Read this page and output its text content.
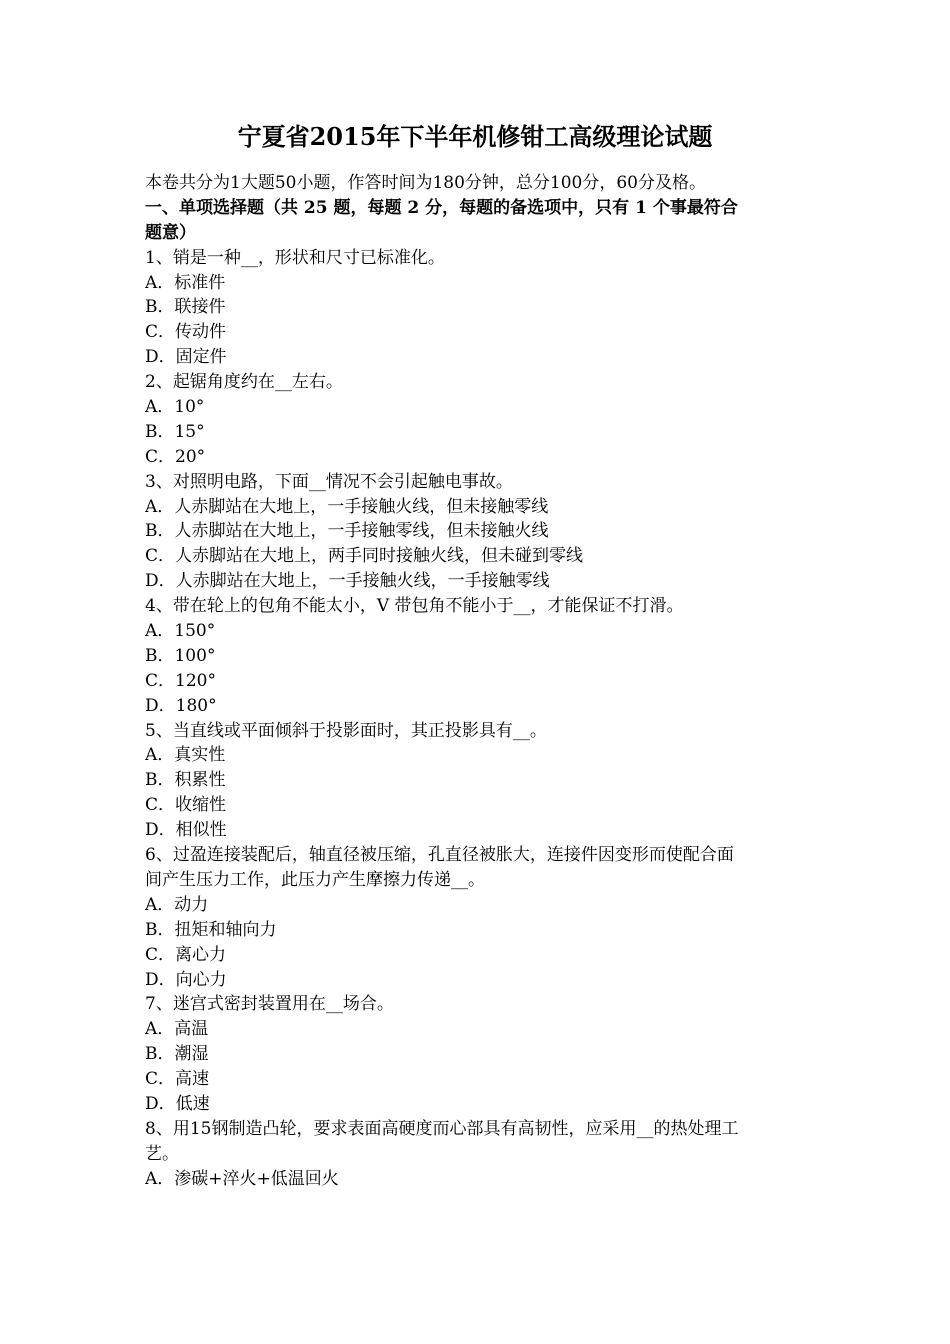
宁夏省2015年下半年机修钳工高级理论试题
本卷共分为1大题50小题，作答时间为180分钟，总分100分，60分及格。
一、单项选择题（共 25 题，每题 2 分，每题的备选项中，只有 1 个事最符合
题意）
1、销是一种__，形状和尺寸已标准化。
A．标准件
B．联接件
C．传动件
D．固定件
2、起锯角度约在__左右。
A．10°
B．15°
C．20°
3、对照明电路，下面__情况不会引起触电事故。
A．人赤脚站在大地上，一手接触火线，但未接触零线
B．人赤脚站在大地上，一手接触零线，但未接触火线
C．人赤脚站在大地上，两手同时接触火线，但未碰到零线
D．人赤脚站在大地上，一手接触火线，一手接触零线
4、带在轮上的包角不能太小，V 带包角不能小于__，才能保证不打滑。
A．150°
B．100°
C．120°
D．180°
5、当直线或平面倾斜于投影面时，其正投影具有__。
A．真实性
B．积累性
C．收缩性
D．相似性
6、过盈连接装配后，轴直径被压缩，孔直径被胀大，连接件因变形而使配合面
间产生压力工作，此压力产生摩擦力传递__。
A．动力
B．扭矩和轴向力
C．离心力
D．向心力
7、迷宫式密封装置用在__场合。
A．高温
B．潮湿
C．高速
D．低速
8、用15钢制造凸轮，要求表面高硬度而心部具有高韧性，应采用__的热处理工
艺。
A．渗碳+淬火+低温回火
